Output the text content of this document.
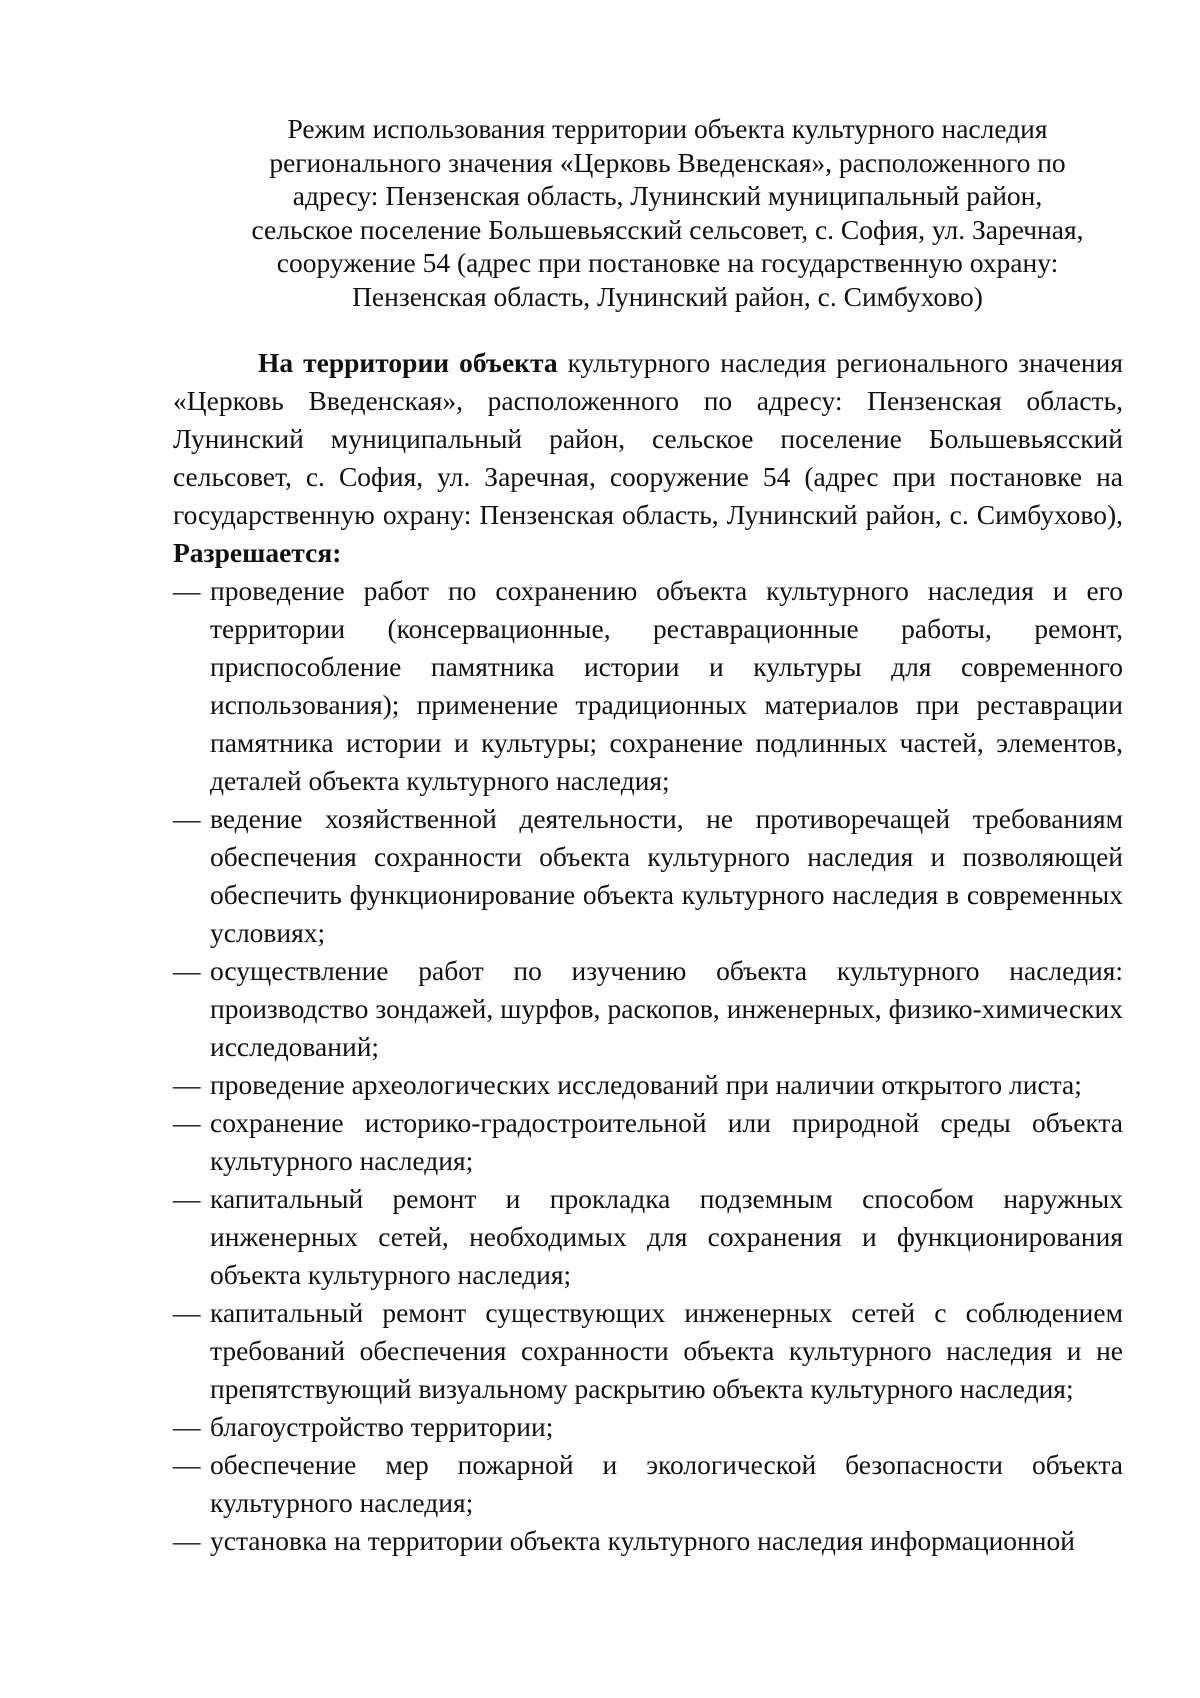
Режим использования территории объекта культурного наследия
регионального значения «Церковь Введенская», расположенного по
адресу: Пензенская область, Лунинский муниципальный район,
сельское поселение Большевьясский сельсовет, с. София, ул. Заречная,
сооружение 54 (адрес при постановке на государственную охрану:
Пензенская область, Лунинский район, с. Симбухово)

На территории объекта культурного наследия регионального значения «Церковь Введенская», расположенного по адресу: Пензенская область, Лунинский муниципальный район, сельское поселение Большевьясский сельсовет, с. София, ул. Заречная, сооружение 54 (адрес при постановке на государственную охрану: Пензенская область, Лунинский район, с. Симбухово), Разрешается:

— проведение работ по сохранению объекта культурного наследия и его территории (консервационные, реставрационные работы, ремонт, приспособление памятника истории и культуры для современного использования); применение традиционных материалов при реставрации памятника истории и культуры; сохранение подлинных частей, элементов, деталей объекта культурного наследия;
— ведение хозяйственной деятельности, не противоречащей требованиям обеспечения сохранности объекта культурного наследия и позволяющей обеспечить функционирование объекта культурного наследия в современных условиях;
— осуществление работ по изучению объекта культурного наследия: производство зондажей, шурфов, раскопов, инженерных, физико-химических исследований;
— проведение археологических исследований при наличии открытого листа;
— сохранение историко-градостроительной или природной среды объекта культурного наследия;
— капитальный ремонт и прокладка подземным способом наружных инженерных сетей, необходимых для сохранения и функционирования объекта культурного наследия;
— капитальный ремонт существующих инженерных сетей с соблюдением требований обеспечения сохранности объекта культурного наследия и не препятствующий визуальному раскрытию объекта культурного наследия;
— благоустройство территории;
— обеспечение мер пожарной и экологической безопасности объекта культурного наследия;
— установка на территории объекта культурного наследия информационной
